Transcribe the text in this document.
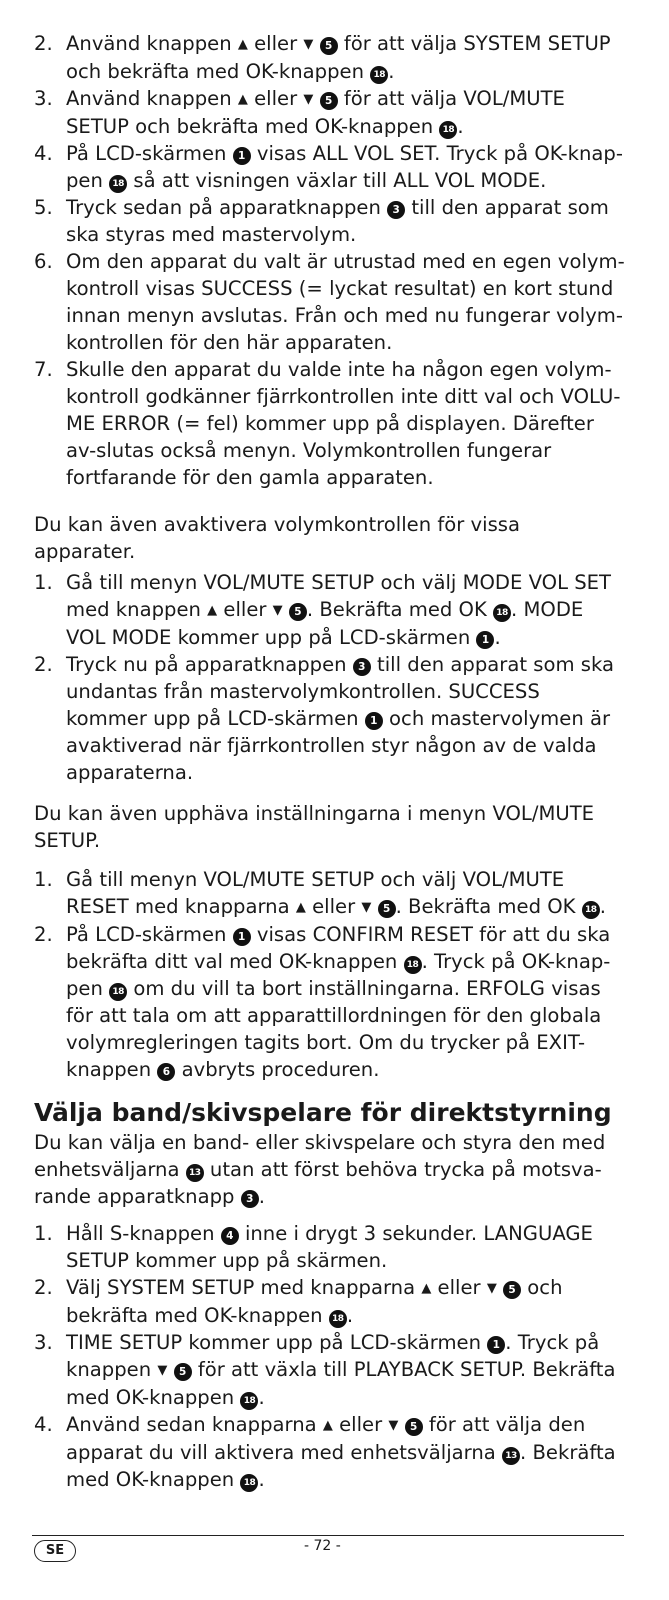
2. Använd knappen ▲ eller ▼ 5 för att välja SYSTEM SETUP och bekräfta med OK-knappen 18 .
3. Använd knappen ▲ eller ▼ 5 för att välja VOL/MUTE SETUP och bekräfta med OK-knappen 18 .
4. På LCD-skärmen 1 visas ALL VOL SET. Tryck på OK-knap-pen 18 så att visningen växlar till ALL VOL MODE.
5. Tryck sedan på apparatknappen 3 till den apparat som ska styras med mastervolym.
6. Om den apparat du valt är utrustad med en egen volym-kontroll visas SUCCESS (= lyckat resultat) en kort stund innan menyn avslutas. Från och med nu fungerar volym-kontrollen för den här apparaten.
7. Skulle den apparat du valde inte ha någon egen volym-kontroll godkänner fjärrkontrollen inte ditt val och VOLU-ME ERROR (= fel) kommer upp på displayen. Därefter av-slutas också menyn. Volymkontrollen fungerar fortfarande för den gamla apparaten.

Du kan även avaktivera volymkontrollen för vissa apparater.

1. Gå till menyn VOL/MUTE SETUP och välj MODE VOL SET med knappen ▲ eller ▼ 5 . Bekräfta med OK 18 . MODE VOL MODE kommer upp på LCD-skärmen 1 .
2. Tryck nu på apparatknappen 3 till den apparat som ska undantas från mastervolymkontrollen. SUCCESS kommer upp på LCD-skärmen 1 och mastervolymen är avaktiverad när fjärrkontrollen styr någon av de valda apparaterna.

Du kan även upphäva inställningarna i menyn VOL/MUTE SETUP.

1. Gå till menyn VOL/MUTE SETUP och välj VOL/MUTE RESET med knapparna ▲ eller ▼ 5 . Bekräfta med OK 18 .
2. På LCD-skärmen 1 visas CONFIRM RESET för att du ska bekräfta ditt val med OK-knappen 18 . Tryck på OK-knap-pen 18 om du vill ta bort inställningarna. ERFOLG visas för att tala om att apparattillordningen för den globala volymregleringen tagits bort. Om du trycker på EXIT-knappen 6 avbryts proceduren.
Välja band/skivspelare för direktstyrning

Du kan välja en band- eller skivspelare och styra den med enhetsväljarna 13 utan att först behöva trycka på motsva-rande apparatknapp 3 .

1. Håll S-knappen 4 inne i drygt 3 sekunder. LANGUAGE SETUP kommer upp på skärmen.
2. Välj SYSTEM SETUP med knapparna ▲ eller ▼ 5 och bekräfta med OK-knappen 18 .
3. TIME SETUP kommer upp på LCD-skärmen 1 . Tryck på knappen ▼ 5 för att växla till PLAYBACK SETUP. Bekräfta med OK-knappen 18 .
4. Använd sedan knapparna ▲ eller ▼ 5 för att välja den apparat du vill aktivera med enhetsväljarna 13 . Bekräfta med OK-knappen 18 .
SE	- 72 -
